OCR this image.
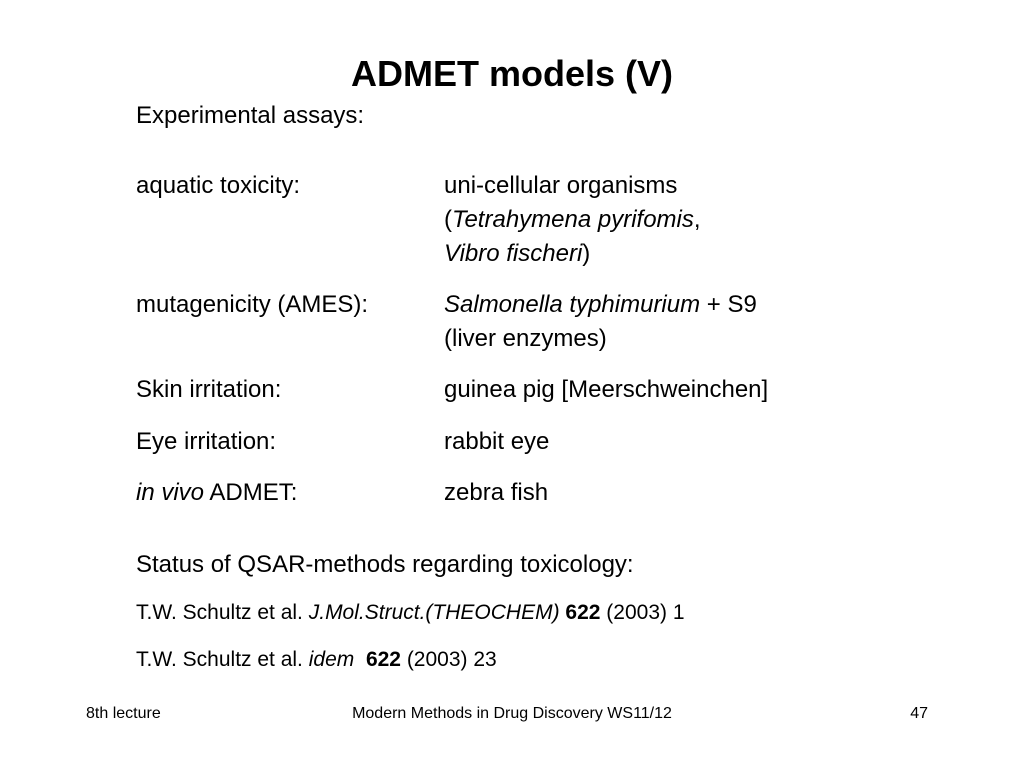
ADMET models (V)
Experimental assays:
aquatic toxicity:	uni-cellular organisms
(Tetrahymena pyrifomis,
Vibro fischeri)
mutagenicity (AMES):	Salmonella typhimurium + S9
(liver enzymes)
Skin irritation:	guinea pig [Meerschweinchen]
Eye irritation:	rabbit eye
in vivo ADMET:	zebra fish
Status of QSAR-methods regarding toxicology:
T.W. Schultz et al. J.Mol.Struct.(THEOCHEM) 622 (2003) 1
T.W. Schultz et al. idem 622 (2003) 23
8th lecture	Modern Methods in Drug Discovery WS11/12	47
